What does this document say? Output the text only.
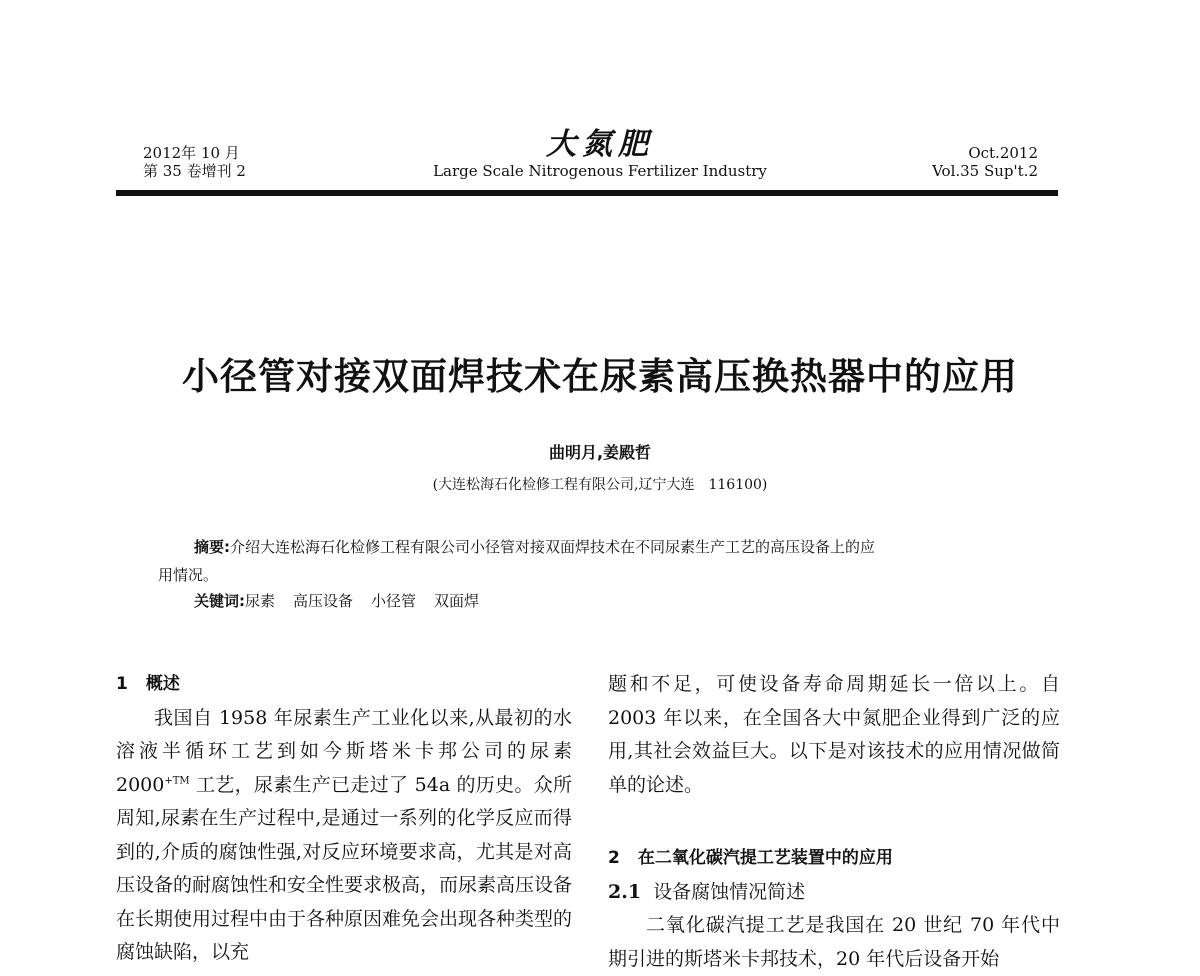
2012年 10 月
第 35 卷增刊 2
大氮肥
Large Scale Nitrogenous Fertilizer Industry
Oct.2012
Vol.35 Sup't.2
小径管对接双面焊技术在尿素高压换热器中的应用
曲明月,姜殿哲
(大连松海石化检修工程有限公司,辽宁大连　116100)
摘要:介绍大连松海石化检修工程有限公司小径管对接双面焊技术在不同尿素生产工艺的高压设备上的应
用情况。
关键词:尿素 高压设备 小径管 双面焊
1 概述
我国自 1958 年尿素生产工业化以来,从最初的水溶液半循环工艺到如今斯塔米卡邦公司的尿素 $2000^{+TM}$ 工艺，尿素生产已走过了 54a 的历史。众所周知,尿素在生产过程中,是通过一系列的化学反应而得到的,介质的腐蚀性强,对反应环境要求高，尤其是对高压设备的耐腐蚀性和安全性要求极高，而尿素高压设备在长期使用过程中由于各种原因难免会出现各种类型的腐蚀缺陷，以充
题和不足，可使设备寿命周期延长一倍以上。自 2003 年以来，在全国各大中氮肥企业得到广泛的应用,其社会效益巨大。以下是对该技术的应用情况做简单的论述。
2 在二氧化碳汽提工艺装置中的应用
2.1 设备腐蚀情况简述
二氧化碳汽提工艺是我国在 20 世纪 70 年代中期引进的斯塔米卡邦技术，20 年代后设备开始
